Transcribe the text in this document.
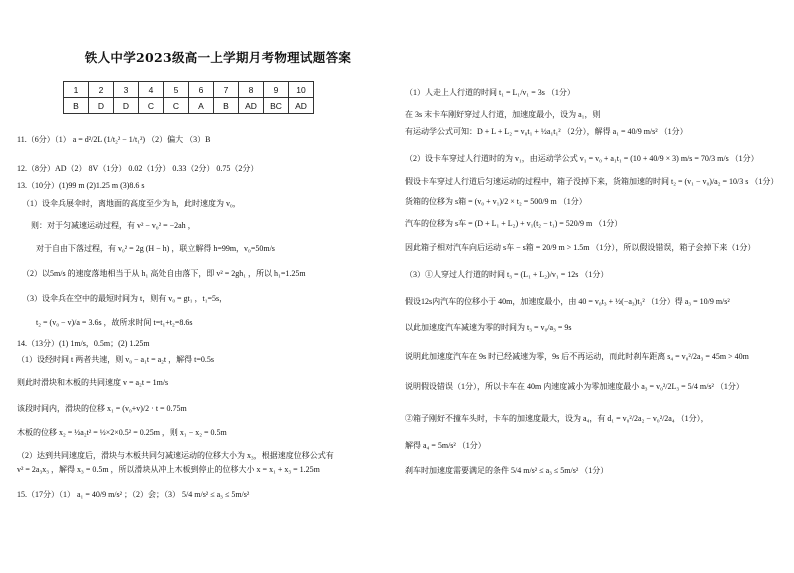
铁人中学2023级高一上学期月考物理试题答案
1	2	3	4	5	6	7	8	9	10
B	D	D	C	C	A	B	AD	BC	AD
11.（6分）（1） a = d²/2L (1/t₂² − 1/t₁²) （2）偏大 （3）B
12.（8分）AD（2） 8V（1分） 0.02（1分） 0.33（2分） 0.75（2分）
13.（10分）(1)99 m (2)1.25 m (3)8.6 s
（1）设伞兵展伞时，离地面的高度至少为 h，此时速度为 v₀，
则：对于匀减速运动过程，有 v² − v₀² = −2ah ，
对于自由下落过程，有 v₀² = 2g (H − h) ，联立解得 h=99m，v₀=50m/s
（2）以5m/s 的速度落地相当于从 h₁ 高处自由落下，即 v² = 2gh₁ ，所以 h₁=1.25m
（3）设伞兵在空中的最短时间为 t，则有 v₀ = gt₁ ，t₁=5s，
t₂ = (v₀ − v)/a = 3.6s ，故所求时间 t=t₁+t₂=8.6s
14.（13分）(1) 1m/s，0.5m；(2) 1.25m
（1）设经时间 t 两者共速，则 v₀ − a₁t = a₂t ，解得 t=0.5s
则此时滑块和木板的共同速度 v = a₂t = 1m/s
该段时间内，滑块的位移 x₁ = (v₀+v)/2 · t = 0.75m
木板的位移 x₂ = ½a₂t² = ½×2×0.5² = 0.25m ，则 x₁ − x₂ = 0.5m
（2）达到共同速度后，滑块与木板共同匀减速运动的位移大小为 x₃，根据速度位移公式有
v² = 2a₃x₃ ，解得 x₃ = 0.5m ，所以滑块从冲上木板到停止的位移大小 x = x₁ + x₃ = 1.25m
15.（17分）（1） a₁ = 40/9 m/s² ；（2）会；（3） 5/4 m/s² ≤ a₃ ≤ 5m/s²
（1）人走上人行道的时间 t₁ = L₁/v₁ = 3s （1分）
在 3s 末卡车刚好穿过人行道，加速度最小，设为 a₁，则
有运动学公式可知：D + L + L₂ = v₀t₁ + ½a₁t₁² （2分），解得 a₁ = 40/9 m/s² （1分）
（2）设卡车穿过人行道时的为 v₁，由运动学公式 v₁ = v₀ + a₁t₁ = (10 + 40/9 × 3) m/s = 70/3 m/s （1分）
假设卡车穿过人行道后匀速运动的过程中，箱子没掉下来，货箱加速的时间 t₂ = (v₁ − v₀)/a₂ = 10/3 s （1分）
货箱的位移为 s箱 = (v₀ + v₁)/2 × t₂ = 500/9 m （1分）
汽车的位移为 s车 = (D + L₁ + L₂) + v₁(t₂ − t₁) = 520/9 m （1分）
因此箱子相对汽车向后运动 s车 − s箱 = 20/9 m > 1.5m （1分），所以假设错误，箱子会掉下来（1分）
（3）①人穿过人行道的时间 t₃ = (L₁ + L₂)/v₁ = 12s （1分）
假设12s内汽车的位移小于 40m，加速度最小，由 40 = v₀t₃ + ½(−a₃)t₃² （1分）得 a₃ = 10/9 m/s²
以此加速度汽车减速为零的时间为 t₃ = v₀/a₃ = 9s
说明此加速度汽车在 9s 时已经减速为零，9s 后不再运动，而此时刹车距离 s₄ = v₀²/2a₃ = 45m > 40m
说明假设错误（1分），所以卡车在 40m 内速度减小为零加速度最小 a₃ = v₀²/2L₃ = 5/4 m/s² （1分）
②箱子刚好不撞车头时，卡车的加速度最大，设为 a₄，有 d₁ = v₀²/2a₂ − v₀²/2a₄ （1分），
解得 a₄ = 5m/s² （1分）
刹车时加速度需要满足的条件 5/4 m/s² ≤ a₃ ≤ 5m/s² （1分）
